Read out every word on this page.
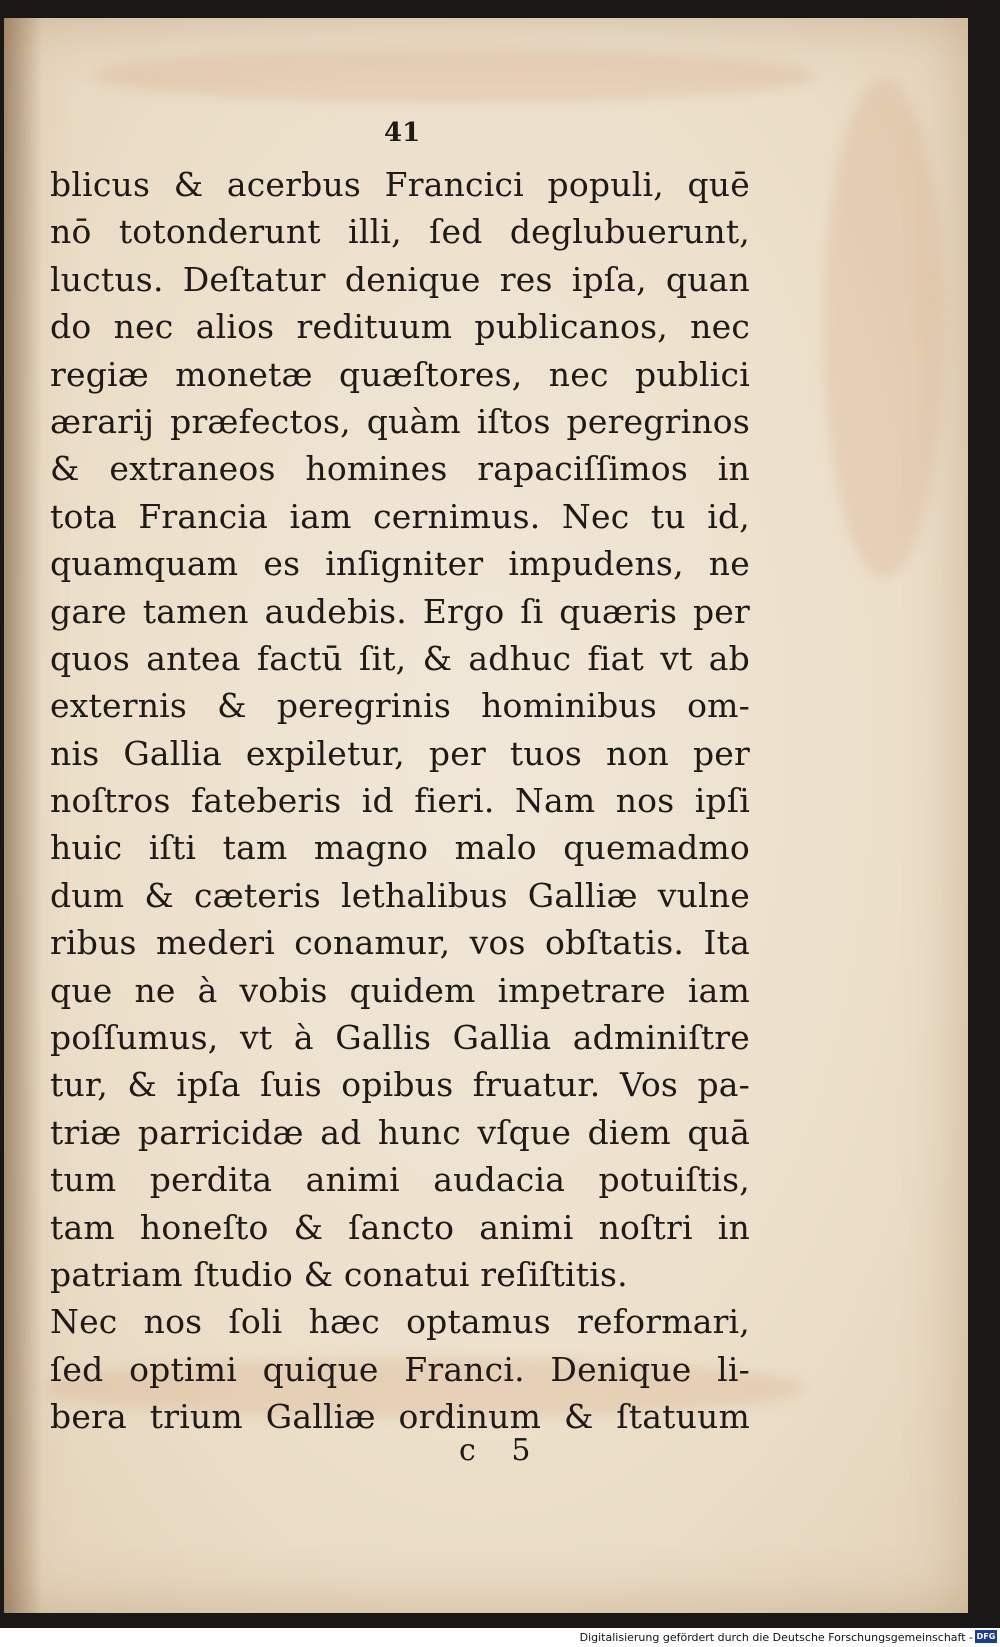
41
blicus & acerbus Francici populi, quē
nō totonderunt illi, ſed deglubuerunt,
luctus. Deſtatur denique res ipſa, quan
do nec alios redituum publicanos, nec
regiæ monetæ quæſtores, nec publici
ærarij præfectos, quàm iſtos peregrinos
& extraneos homines rapaciſſimos in
tota Francia iam cernimus. Nec tu id,
quamquam es inſigniter impudens, ne
gare tamen audebis. Ergo ſi quæris per
quos antea factū ſit, & adhuc fiat vt ab
externis & peregrinis hominibus om-
nis Gallia expiletur, per tuos non per
noſtros fateberis id fieri. Nam nos ipſi
huic iſti tam magno malo quemadmo
dum & cæteris lethalibus Galliæ vulne
ribus mederi conamur, vos obſtatis. Ita
que ne à vobis quidem impetrare iam
poſſumus, vt à Gallis Gallia adminiſtre
tur, & ipſa ſuis opibus fruatur. Vos pa-
triæ parricidæ ad hunc vſque diem quā
tum perdita animi audacia potuiſtis,
tam honeſto & ſancto animi noſtri in
patriam ſtudio & conatui reſiſtitis.
Nec nos ſoli hæc optamus reformari,
ſed optimi quique Franci. Denique li-
bera trium Galliæ ordinum & ſtatuum
c 5
Digitalisierung gefördert durch die Deutsche Forschungsgemeinschaft - DFG
